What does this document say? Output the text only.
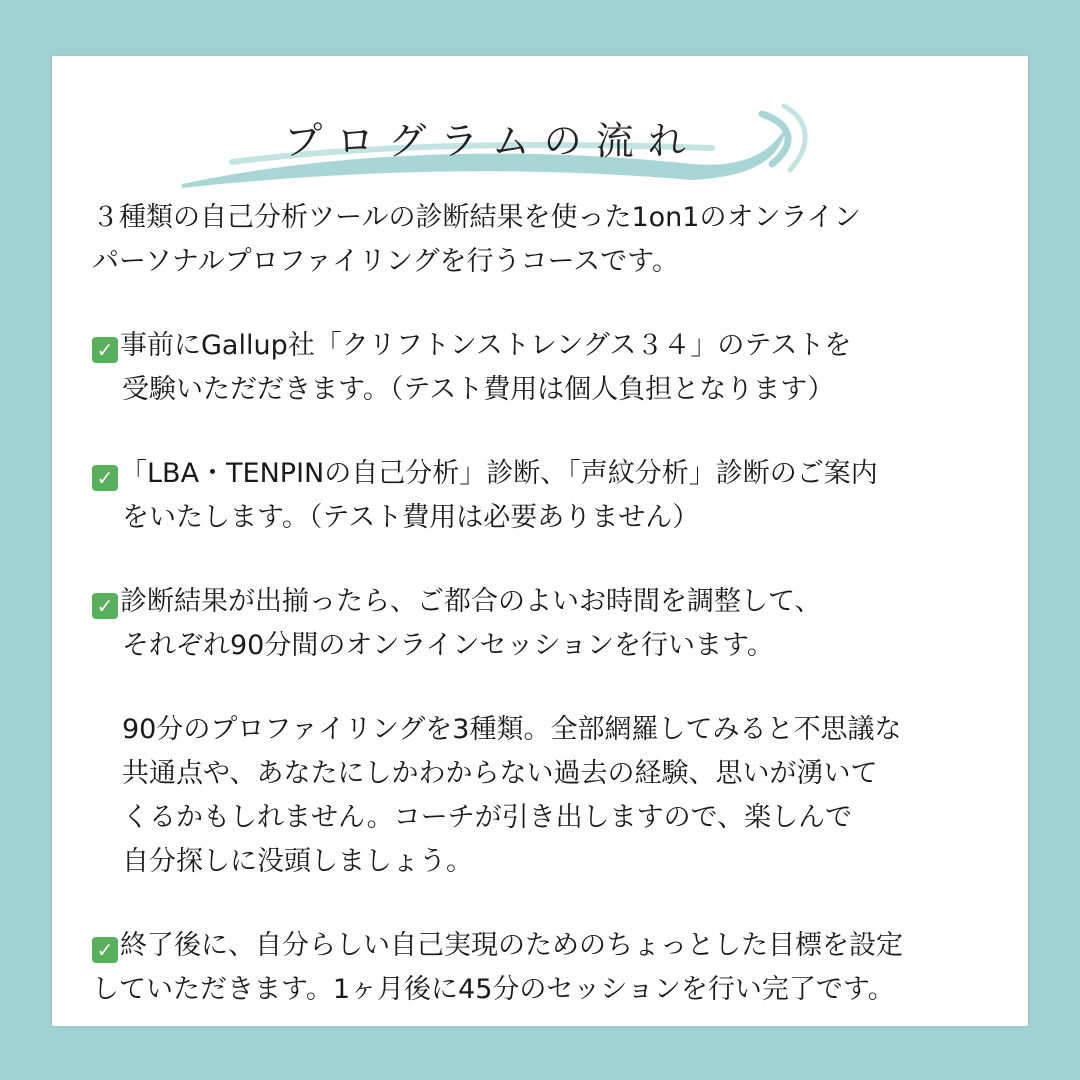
プログラムの流れ
３種類の自己分析ツールの診断結果を使った1on1のオンライン
パーソナルプロファイリングを行うコースです。
✓ 事前にGallup社「クリフトンストレングス３４」のテストを
受験いただだきます。（テスト費用は個人負担となります）
✓ 「LBA・TENPINの自己分析」診断、「声紋分析」診断のご案内
をいたします。（テスト費用は必要ありません）
✓ 診断結果が出揃ったら、ご都合のよいお時間を調整して、
それぞれ90分間のオンラインセッションを行います。
90分のプロファイリングを3種類。全部網羅してみると不思議な
共通点や、あなたにしかわからない過去の経験、思いが湧いて
くるかもしれません。コーチが引き出しますので、楽しんで
自分探しに没頭しましょう。
✓ 終了後に、自分らしい自己実現のためのちょっとした目標を設定
していただきます。1ヶ月後に45分のセッションを行い完了です。
